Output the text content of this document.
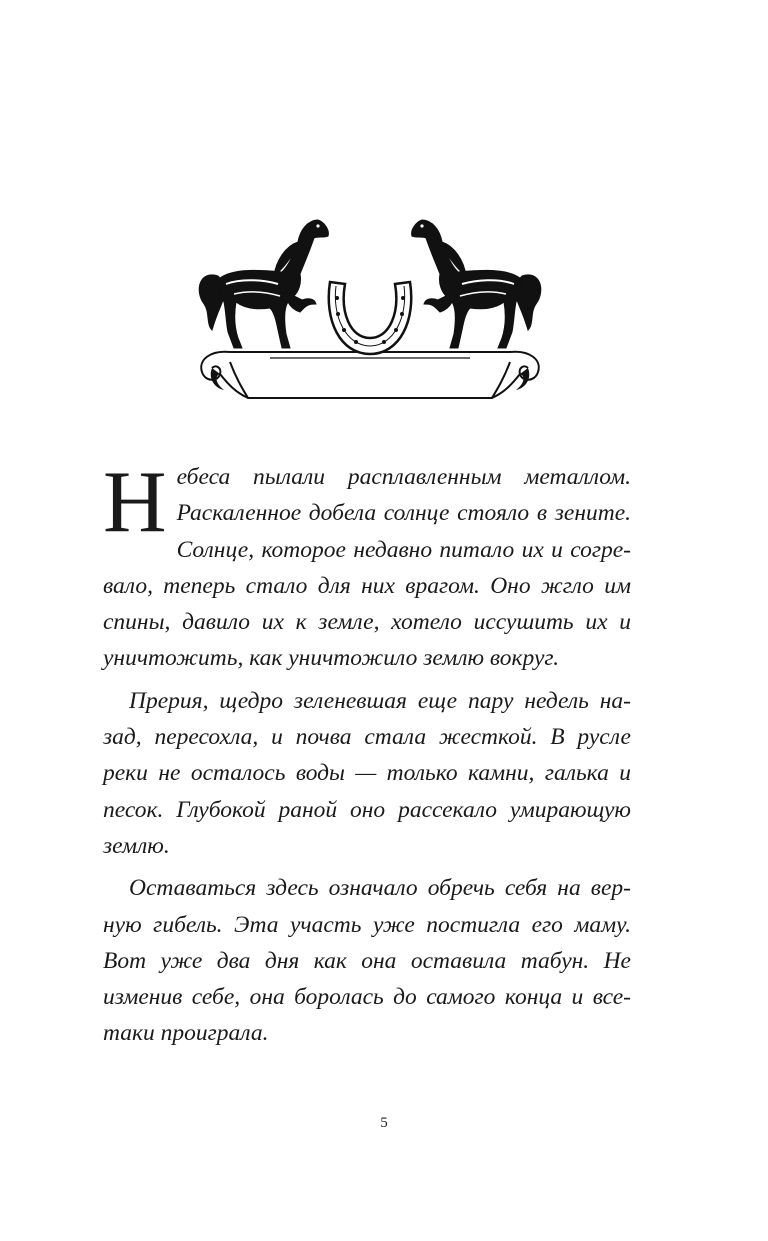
Небеса пылали расплавленным металлом. Раскаленное добела солнце стояло в зените. Солнце, которое недавно питало их и согревало, теперь стало для них врагом. Оно жгло им спины, давило их к земле, хотело иссушить их и уничтожить, как уничтожило землю вокруг.

Прерия, щедро зеленевшая еще пару недель назад, пересохла, и почва стала жесткой. В русле реки не осталось воды — только камни, галька и песок. Глубокой раной оно рассекало умирающую землю.

Оставаться здесь означало обречь себя на верную гибель. Эта участь уже постигла его маму. Вот уже два дня как она оставила табун. Не изменив себе, она боролась до самого конца и всетаки проиграла.

5
